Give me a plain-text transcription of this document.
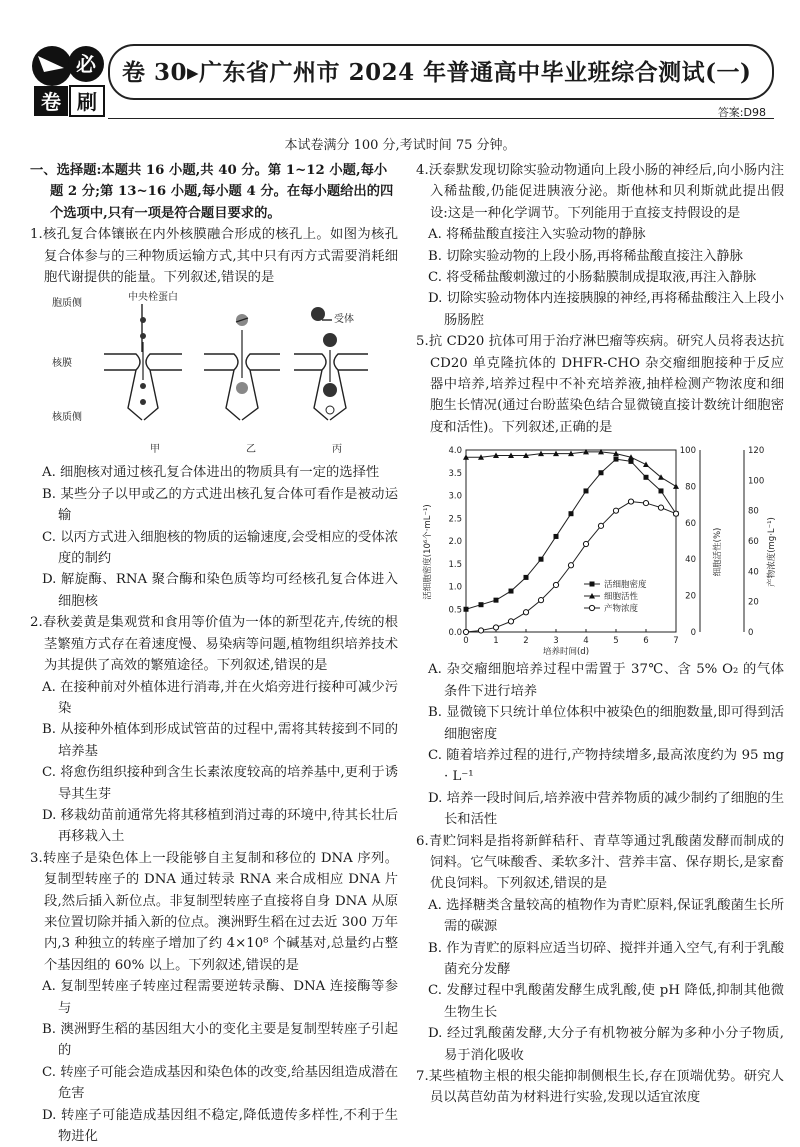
必
卷 刷
卷 30▸广东省广州市 2024 年普通高中毕业班综合测试(一)
答案:D98
本试卷满分 100 分,考试时间 75 分钟。

一、选择题:本题共 16 小题,共 40 分。第 1~12 小题,每小题 2 分;第 13~16 小题,每小题 4 分。在每小题给出的四个选项中,只有一项是符合题目要求的。

1.核孔复合体镶嵌在内外核膜融合形成的核孔上。如图为核孔复合体参与的三种物质运输方式,其中只有丙方式需要消耗细胞代谢提供的能量。下列叙述,错误的是

胞质侧
核膜
核质侧
中央栓蛋白
受体
甲	乙	丙

A. 细胞核对通过核孔复合体进出的物质具有一定的选择性

B. 某些分子以甲或乙的方式进出核孔复合体可看作是被动运输

C. 以丙方式进入细胞核的物质的运输速度,会受相应的受体浓度的制约

D. 解旋酶、RNA 聚合酶和染色质等均可经核孔复合体进入细胞核

2.春秋姜黄是集观赏和食用等价值为一体的新型花卉,传统的根茎繁殖方式存在着速度慢、易染病等问题,植物组织培养技术为其提供了高效的繁殖途径。下列叙述,错误的是

A. 在接种前对外植体进行消毒,并在火焰旁进行接种可减少污染

B. 从接种外植体到形成试管苗的过程中,需将其转接到不同的培养基

C. 将愈伤组织接种到含生长素浓度较高的培养基中,更利于诱导其生芽

D. 移栽幼苗前通常先将其移植到消过毒的环境中,待其长壮后再移栽入土

3.转座子是染色体上一段能够自主复制和移位的 DNA 序列。复制型转座子的 DNA 通过转录 RNA 来合成相应 DNA 片段,然后插入新位点。非复制型转座子直接将自身 DNA 从原来位置切除并插入新的位点。澳洲野生稻在过去近 300 万年内,3 种独立的转座子增加了约 4×10⁸ 个碱基对,总量约占整个基因组的 60% 以上。下列叙述,错误的是

A. 复制型转座子转座过程需要逆转录酶、DNA 连接酶等参与

B. 澳洲野生稻的基因组大小的变化主要是复制型转座子引起的

C. 转座子可能会造成基因和染色体的改变,给基因组造成潜在危害

D. 转座子可能造成基因组不稳定,降低遗传多样性,不利于生物进化

4.沃泰默发现切除实验动物通向上段小肠的神经后,向小肠内注入稀盐酸,仍能促进胰液分泌。斯他林和贝利斯就此提出假设:这是一种化学调节。下列能用于直接支持假设的是

A. 将稀盐酸直接注入实验动物的静脉

B. 切除实验动物的上段小肠,再将稀盐酸直接注入静脉

C. 将受稀盐酸刺激过的小肠黏膜制成提取液,再注入静脉

D. 切除实验动物体内连接胰腺的神经,再将稀盐酸注入上段小肠肠腔

5.抗 CD20 抗体可用于治疗淋巴瘤等疾病。研究人员将表达抗 CD20 单克隆抗体的 DHFR-CHO 杂交瘤细胞接种于反应器中培养,培养过程中不补充培养液,抽样检测产物浓度和细胞生长情况(通过台盼蓝染色结合显微镜直接计数统计细胞密度和活性)。下列叙述,正确的是

0	1	2	3	4	5	6	7
0.0
0.5
1.0
1.5
2.0
2.5
3.0
3.5
4.0
0
20
40
60
80
100
0
20
40
60
80
100
120
培养时间(d)
活细胞密度(10⁶个·mL⁻¹)	细胞活性(%)	产物浓度(mg·L⁻¹)
活细胞密度
细胞活性
产物浓度

A. 杂交瘤细胞培养过程中需置于 37℃、含 5% O₂ 的气体条件下进行培养

B. 显微镜下只统计单位体积中被染色的细胞数量,即可得到活细胞密度

C. 随着培养过程的进行,产物持续增多,最高浓度约为 95 mg · L⁻¹

D. 培养一段时间后,培养液中营养物质的减少制约了细胞的生长和活性

6.青贮饲料是指将新鲜秸秆、青草等通过乳酸菌发酵而制成的饲料。它气味酸香、柔软多汁、营养丰富、保存期长,是家畜优良饲料。下列叙述,错误的是

A. 选择糖类含量较高的植物作为青贮原料,保证乳酸菌生长所需的碳源

B. 作为青贮的原料应适当切碎、搅拌并通入空气,有利于乳酸菌充分发酵

C. 发酵过程中乳酸菌发酵生成乳酸,使 pH 降低,抑制其他微生物生长

D. 经过乳酸菌发酵,大分子有机物被分解为多种小分子物质,易于消化吸收

7.某些植物主根的根尖能抑制侧根生长,存在顶端优势。研究人员以莴苣幼苗为材料进行实验,发现以适宜浓度
